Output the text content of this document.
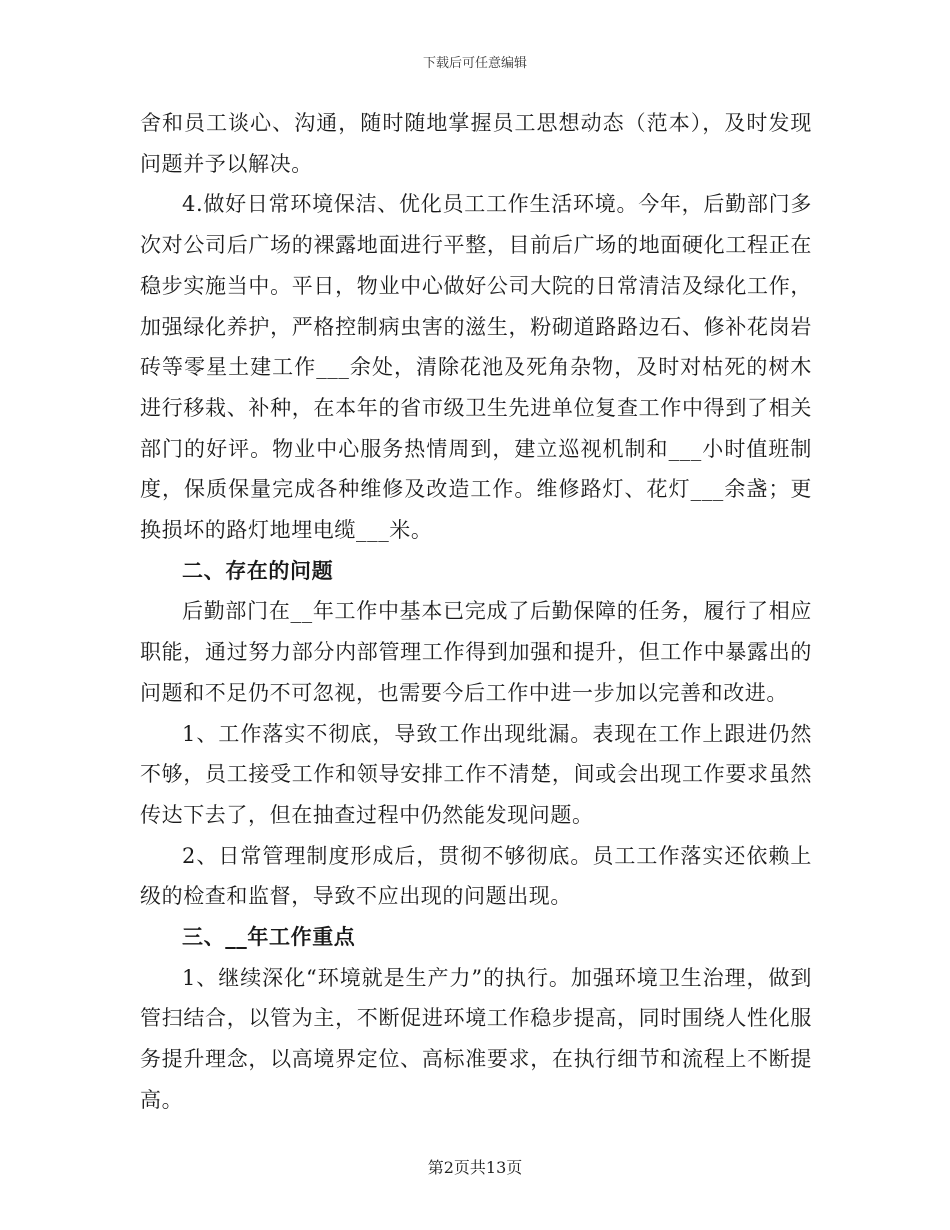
下载后可任意编辑

舍和员工谈心、沟通，随时随地掌握员工思想动态（范本），及时发现问题并予以解决。

4.做好日常环境保洁、优化员工工作生活环境。今年，后勤部门多次对公司后广场的裸露地面进行平整，目前后广场的地面硬化工程正在稳步实施当中。平日，物业中心做好公司大院的日常清洁及绿化工作，加强绿化养护，严格控制病虫害的滋生，粉砌道路路边石、修补花岗岩砖等零星土建工作___余处，清除花池及死角杂物，及时对枯死的树木进行移栽、补种，在本年的省市级卫生先进单位复查工作中得到了相关部门的好评。物业中心服务热情周到，建立巡视机制和___小时值班制度，保质保量完成各种维修及改造工作。维修路灯、花灯___余盏；更换损坏的路灯地埋电缆___米。

二、存在的问题

后勤部门在__年工作中基本已完成了后勤保障的任务，履行了相应职能，通过努力部分内部管理工作得到加强和提升，但工作中暴露出的问题和不足仍不可忽视，也需要今后工作中进一步加以完善和改进。

1、工作落实不彻底，导致工作出现纰漏。表现在工作上跟进仍然不够，员工接受工作和领导安排工作不清楚，间或会出现工作要求虽然传达下去了，但在抽查过程中仍然能发现问题。

2、日常管理制度形成后，贯彻不够彻底。员工工作落实还依赖上级的检查和监督，导致不应出现的问题出现。

三、__年工作重点

1、继续深化“环境就是生产力”的执行。加强环境卫生治理，做到管扫结合，以管为主，不断促进环境工作稳步提高，同时围绕人性化服务提升理念，以高境界定位、高标准要求，在执行细节和流程上不断提高。

第2页共13页
